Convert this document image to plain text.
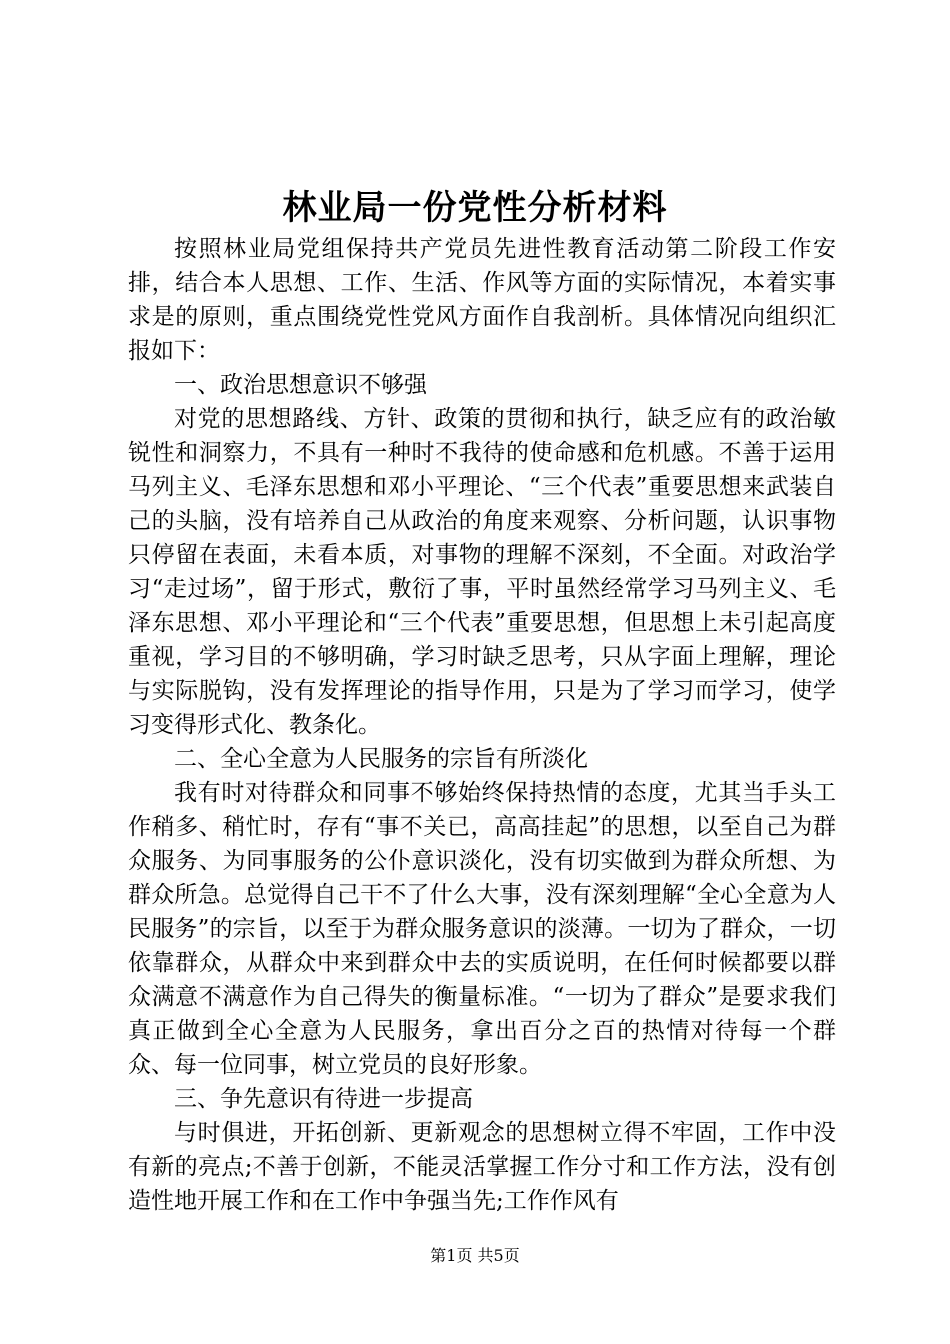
林业局一份党性分析材料

按照林业局党组保持共产党员先进性教育活动第二阶段工作安排，结合本人思想、工作、生活、作风等方面的实际情况，本着实事求是的原则，重点围绕党性党风方面作自我剖析。具体情况向组织汇报如下：

一、政治思想意识不够强

对党的思想路线、方针、政策的贯彻和执行，缺乏应有的政治敏锐性和洞察力，不具有一种时不我待的使命感和危机感。不善于运用马列主义、毛泽东思想和邓小平理论、“三个代表”重要思想来武装自己的头脑，没有培养自己从政治的角度来观察、分析问题，认识事物只停留在表面，未看本质，对事物的理解不深刻，不全面。对政治学习“走过场”，留于形式，敷衍了事，平时虽然经常学习马列主义、毛泽东思想、邓小平理论和“三个代表”重要思想，但思想上未引起高度重视，学习目的不够明确，学习时缺乏思考，只从字面上理解，理论与实际脱钩，没有发挥理论的指导作用，只是为了学习而学习，使学习变得形式化、教条化。

二、全心全意为人民服务的宗旨有所淡化

我有时对待群众和同事不够始终保持热情的态度，尤其当手头工作稍多、稍忙时，存有“事不关已，高高挂起”的思想，以至自己为群众服务、为同事服务的公仆意识淡化，没有切实做到为群众所想、为群众所急。总觉得自己干不了什么大事，没有深刻理解“全心全意为人民服务”的宗旨，以至于为群众服务意识的淡薄。一切为了群众，一切依靠群众，从群众中来到群众中去的实质说明，在任何时候都要以群众满意不满意作为自己得失的衡量标准。“一切为了群众”是要求我们真正做到全心全意为人民服务，拿出百分之百的热情对待每一个群众、每一位同事，树立党员的良好形象。

三、争先意识有待进一步提高

与时俱进，开拓创新、更新观念的思想树立得不牢固，工作中没有新的亮点;不善于创新，不能灵活掌握工作分寸和工作方法，没有创造性地开展工作和在工作中争强当先;工作作风有

第1页 共5页
